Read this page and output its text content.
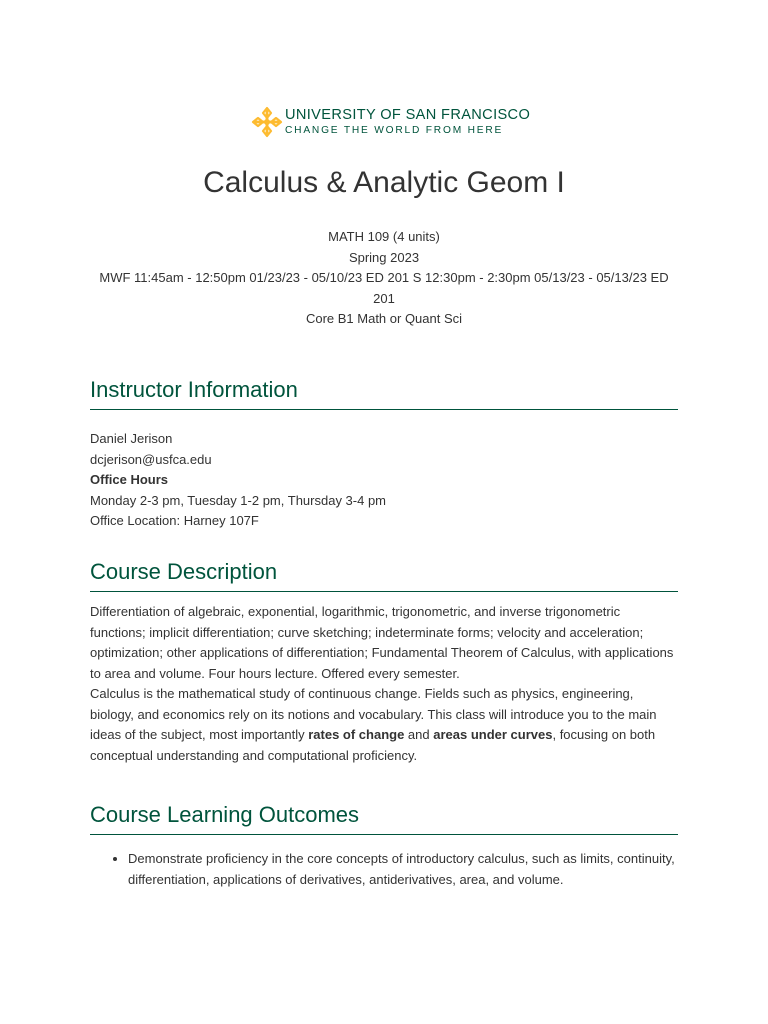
UNIVERSITY OF SAN FRANCISCO
CHANGE THE WORLD FROM HERE
Calculus & Analytic Geom I
MATH 109 (4 units)
Spring 2023
MWF 11:45am - 12:50pm 01/23/23 - 05/10/23 ED 201 S 12:30pm - 2:30pm 05/13/23 - 05/13/23 ED 201
Core B1 Math or Quant Sci
Instructor Information
Daniel Jerison
dcjerison@usfca.edu
Office Hours
Monday 2-3 pm, Tuesday 1-2 pm, Thursday 3-4 pm
Office Location: Harney 107F
Course Description

Differentiation of algebraic, exponential, logarithmic, trigonometric, and inverse trigonometric functions; implicit differentiation; curve sketching; indeterminate forms; velocity and acceleration; optimization; other applications of differentiation; Fundamental Theorem of Calculus, with applications to area and volume. Four hours lecture. Offered every semester.

Calculus is the mathematical study of continuous change. Fields such as physics, engineering, biology, and economics rely on its notions and vocabulary. This class will introduce you to the main ideas of the subject, most importantly rates of change and areas under curves, focusing on both conceptual understanding and computational proficiency.

Course Learning Outcomes
• Demonstrate proficiency in the core concepts of introductory calculus, such as limits, continuity, differentiation, applications of derivatives, antiderivatives, area, and volume.
